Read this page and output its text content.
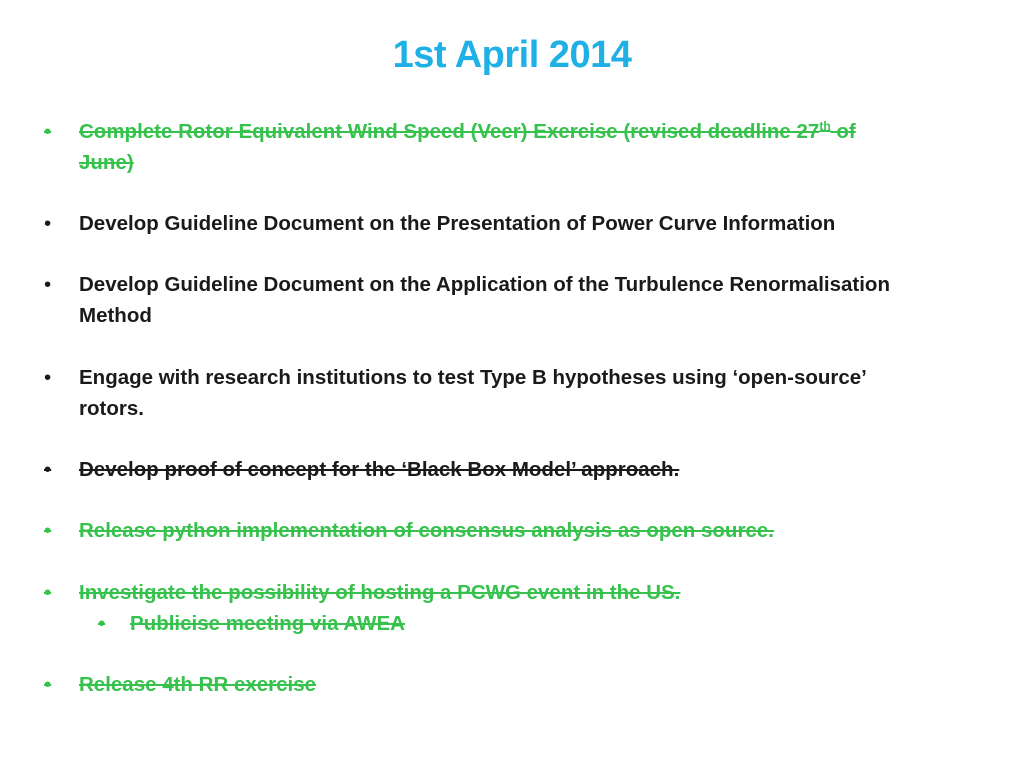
1st April 2014
•	Complete Rotor Equivalent Wind Speed (Veer) Exercise (revised deadline 27th of
June)
•	Develop Guideline Document on the Presentation of Power Curve Information
•	Develop Guideline Document on the Application of the Turbulence Renormalisation
Method
•	Engage with research institutions to test Type B hypotheses using ‘open-source’
rotors.
•	Develop proof of concept for the ‘Black Box Model’ approach.
•	Release python implementation of consensus analysis as open source.
•	Investigate the possibility of hosting a PCWG event in the US.
•	Publicise meeting via AWEA
•	Release 4th RR exercise
